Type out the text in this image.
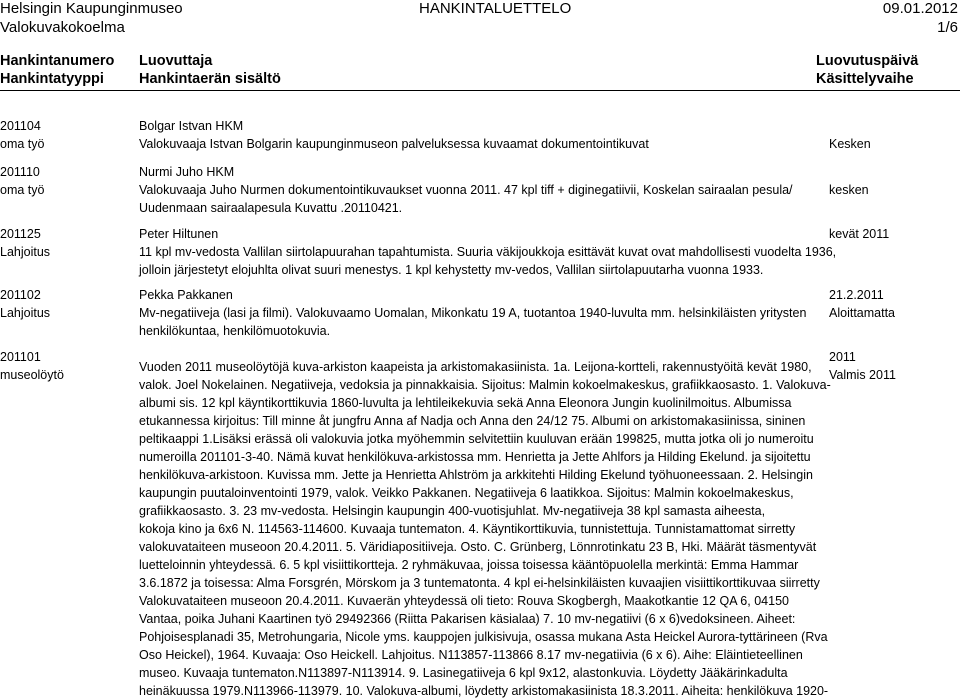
Helsingin Kaupunginmuseo
Valokuvakokoelma
HANKINTALUETTELO	09.01.2012
1/6
Hankintanumero
Hankintatyyppi
Luovuttaja
Hankintaerän sisältö
Luovutuspäivä
Käsittelyvaihe
201104
oma työ
Bolgar Istvan HKM
Valokuvaaja Istvan Bolgarin kaupunginmuseon palveluksessa kuvaamat dokumentointikuvat	Kesken
201110
oma työ
Nurmi Juho HKM
Valokuvaaja Juho Nurmen dokumentointikuvaukset vuonna 2011. 47 kpl tiff + diginegatiivii, Koskelan sairaalan pesula/
Uudenmaan sairaalapesula Kuvattu .20110421.
kesken
201125
Lahjoitus
Peter Hiltunen
11 kpl mv-vedosta Vallilan siirtolapuurahan tapahtumista. Suuria väkijoukkoja esittävät kuvat ovat mahdollisesti vuodelta 1936,
jolloin järjestetyt elojuhlta olivat suuri menestys. 1 kpl kehystetty mv-vedos, Vallilan siirtolapuutarha vuonna 1933.
kevät 2011
201102
Lahjoitus
Pekka Pakkanen
Mv-negatiiveja (lasi ja filmi). Valokuvaamo Uomalan, Mikonkatu 19 A, tuotantoa 1940-luvulta mm. helsinkiläisten yritysten
henkilökuntaa, henkilömuotokuvia.
21.2.2011
Aloittamatta
201101
museolöytö
Vuoden 2011 museolöytöjä kuva-arkiston kaapeista ja arkistomakasiinista. 1a. Leijona-kortteli, rakennustyöitä kevät 1980,
valok. Joel Nokelainen. Negatiiveja, vedoksia ja pinnakkaisia. Sijoitus: Malmin kokoelmakeskus, grafiikkaosasto. 1. Valokuva-
albumi sis. 12 kpl käyntikorttikuvia 1860-luvulta ja lehtileikekuvia sekä Anna Eleonora Jungin kuolinilmoitus. Albumissa
etukannessa kirjoitus: Till minne åt jungfru Anna af Nadja och Anna den 24/12 75. Albumi on arkistomakasiinissa, sininen
peltikaappi 1.Lisäksi erässä oli valokuvia jotka myöhemmin selvitettiin kuuluvan erään 199825, mutta jotka oli jo numeroitu
numeroilla 201101-3-40. Nämä kuvat henkilökuva-arkistossa mm. Henrietta ja Jette Ahlfors ja Hilding Ekelund. ja sijoitettu
henkilökuva-arkistoon. Kuvissa mm. Jette ja Henrietta Ahlström ja arkkitehti Hilding Ekelund työhuoneessaan. 2. Helsingin
kaupungin puutaloinventointi 1979, valok. Veikko Pakkanen. Negatiiveja 6 laatikkoa. Sijoitus: Malmin kokoelmakeskus,
grafiikkaosasto. 3. 23 mv-vedosta. Helsingin kaupungin 400-vuotisjuhlat. Mv-negatiiveja 38 kpl samasta aiheesta,
kokoja kino ja 6x6 N. 114563-114600. Kuvaaja tuntematon. 4. Käyntikorttikuvia, tunnistettuja. Tunnistamattomat sirretty
valokuvataiteen museoon 20.4.2011. 5. Väridiapositiiveja. Osto. C. Grünberg, Lönnrotinkatu 23 B, Hki. Määrät täsmentyvät
luetteloinnin yhteydessä. 6. 5 kpl visiittikortteja. 2 ryhmäkuvaa, joissa toisessa kääntöpuolella merkintä: Emma Hammar
3.6.1872 ja toisessa: Alma Forsgrén, Mörskom ja 3 tuntematonta. 4 kpl ei-helsinkiläisten kuvaajien visiittikorttikuvaa siirretty
Valokuvataiteen museoon 20.4.2011. Kuvaerän yhteydessä oli tieto: Rouva Skogbergh, Maakotkantie 12 QA 6, 04150
Vantaa, poika Juhani Kaartinen työ 29492366 (Riitta Pakarisen käsialaa) 7. 10 mv-negatiivi (6 x 6)vedoksineen. Aiheet:
Pohjoisesplanadi 35, Metrohungaria, Nicole yms. kauppojen julkisivuja, osassa mukana Asta Heickel Aurora-tyttärineen (Rva
Oso Heickel), 1964. Kuvaaja: Oso Heickell. Lahjoitus. N113857-113866 8.17 mv-negatiivia (6 x 6). Aihe: Eläintieteellinen
museo. Kuvaaja tuntematon.N113897-N113914. 9. Lasinegatiiveja 6 kpl 9x12, alastonkuvia. Löydetty Jääkärinkadulta
heinäkuussa 1979.N113966-113979. 10. Valokuva-albumi, löydetty arkistomakasiinista 18.3.2011. Aiheita: henkilökuva 1920-
2011
Valmis 2011
